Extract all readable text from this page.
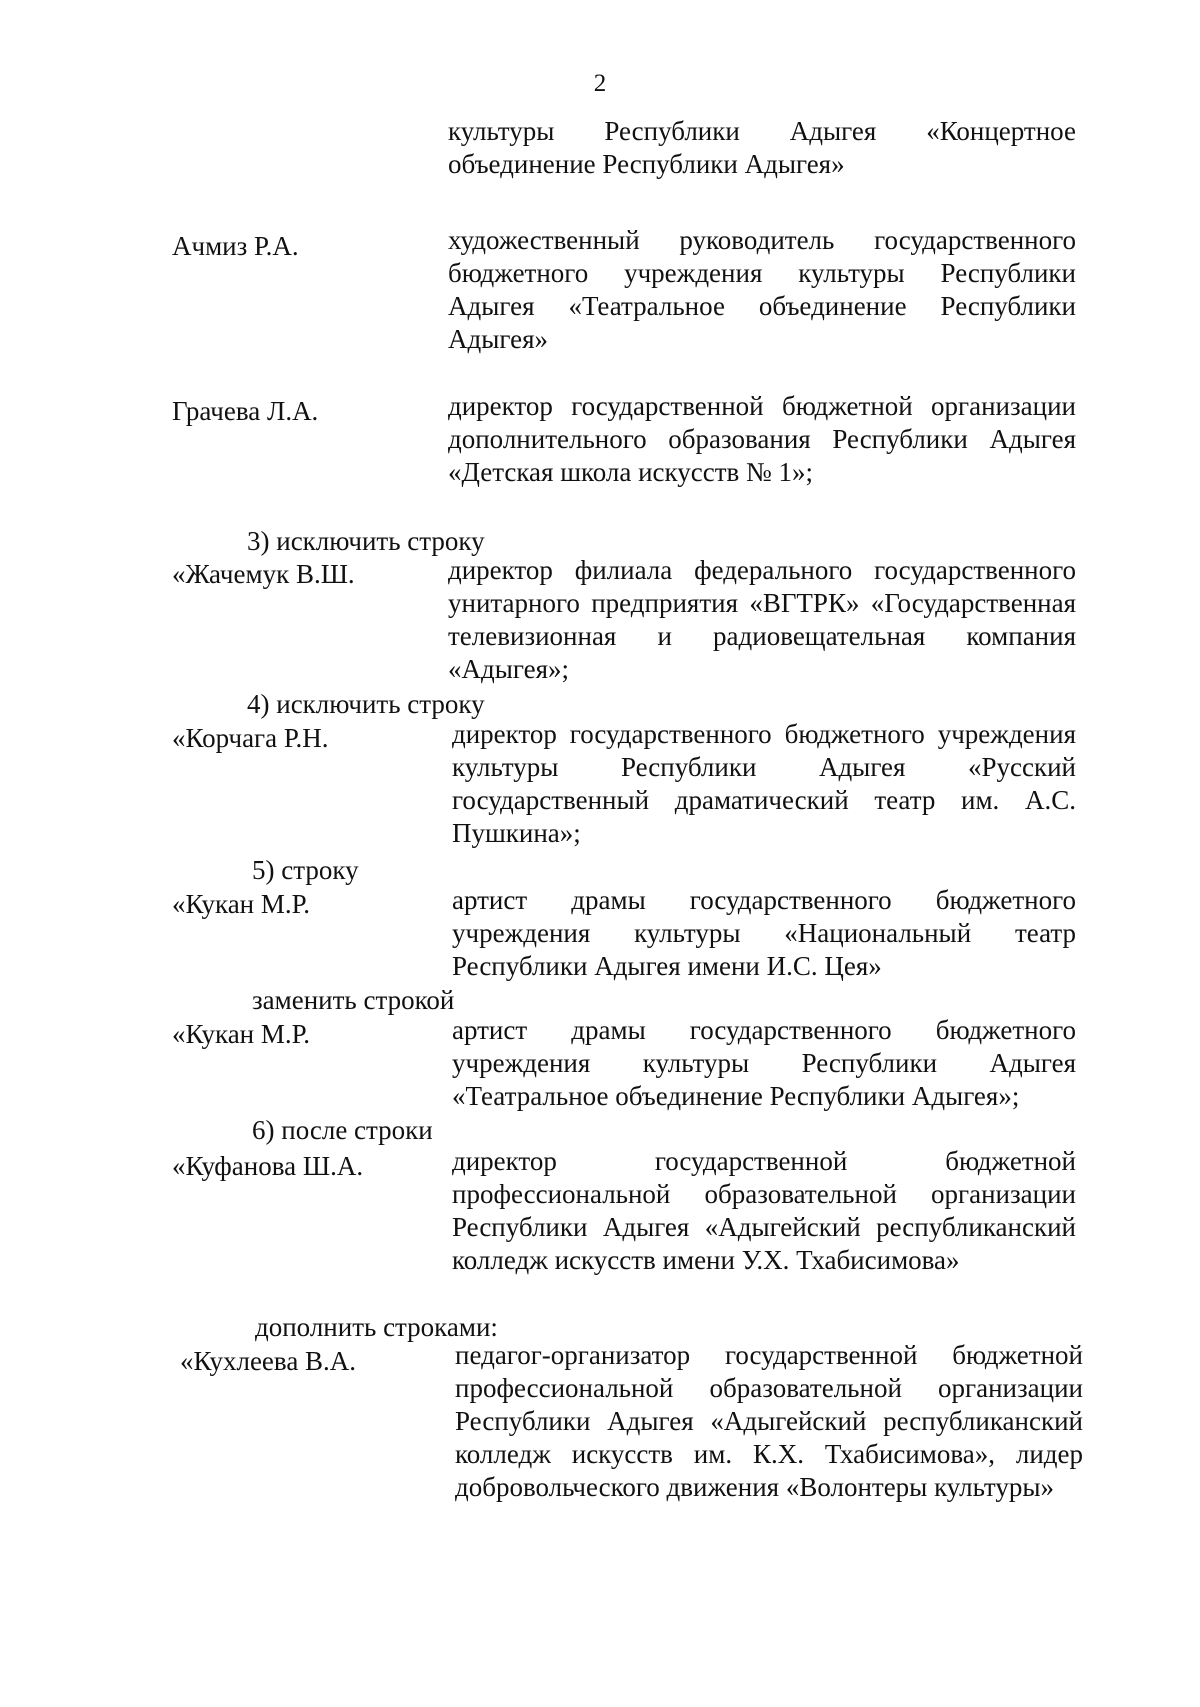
2

культуры Республики Адыгея «Концертное объединение Республики Адыгея»

Ачмиз Р.А.	художественный руководитель государственного бюджетного учреждения культуры Республики Адыгея «Театральное объединение Республики Адыгея»

Грачева Л.А.	директор государственной бюджетной организации дополнительного образования Республики Адыгея «Детская школа искусств № 1»;

3) исключить строку
«Жачемук В.Ш.	директор филиала федерального государственного унитарного предприятия «ВГТРК» «Государственная телевизионная и радиовещательная компания «Адыгея»;

4) исключить строку
«Корчага Р.Н.	директор государственного бюджетного учреждения культуры Республики Адыгея «Русский государственный драматический театр им. А.С. Пушкина»;

5) строку
«Кукан М.Р.	артист драмы государственного бюджетного учреждения культуры «Национальный театр Республики Адыгея имени И.С. Цея»

заменить строкой
«Кукан М.Р.	артист драмы государственного бюджетного учреждения культуры Республики Адыгея «Театральное объединение Республики Адыгея»;

6) после строки
«Куфанова Ш.А.	директор государственной бюджетной профессиональной образовательной организации Республики Адыгея «Адыгейский республиканский колледж искусств имени У.Х. Тхабисимова»

дополнить строками:
«Кухлеева В.А.	педагог-организатор государственной бюджетной профессиональной образовательной организации Республики Адыгея «Адыгейский республиканский колледж искусств им. К.Х. Тхабисимова», лидер добровольческого движения «Волонтеры культуры»
